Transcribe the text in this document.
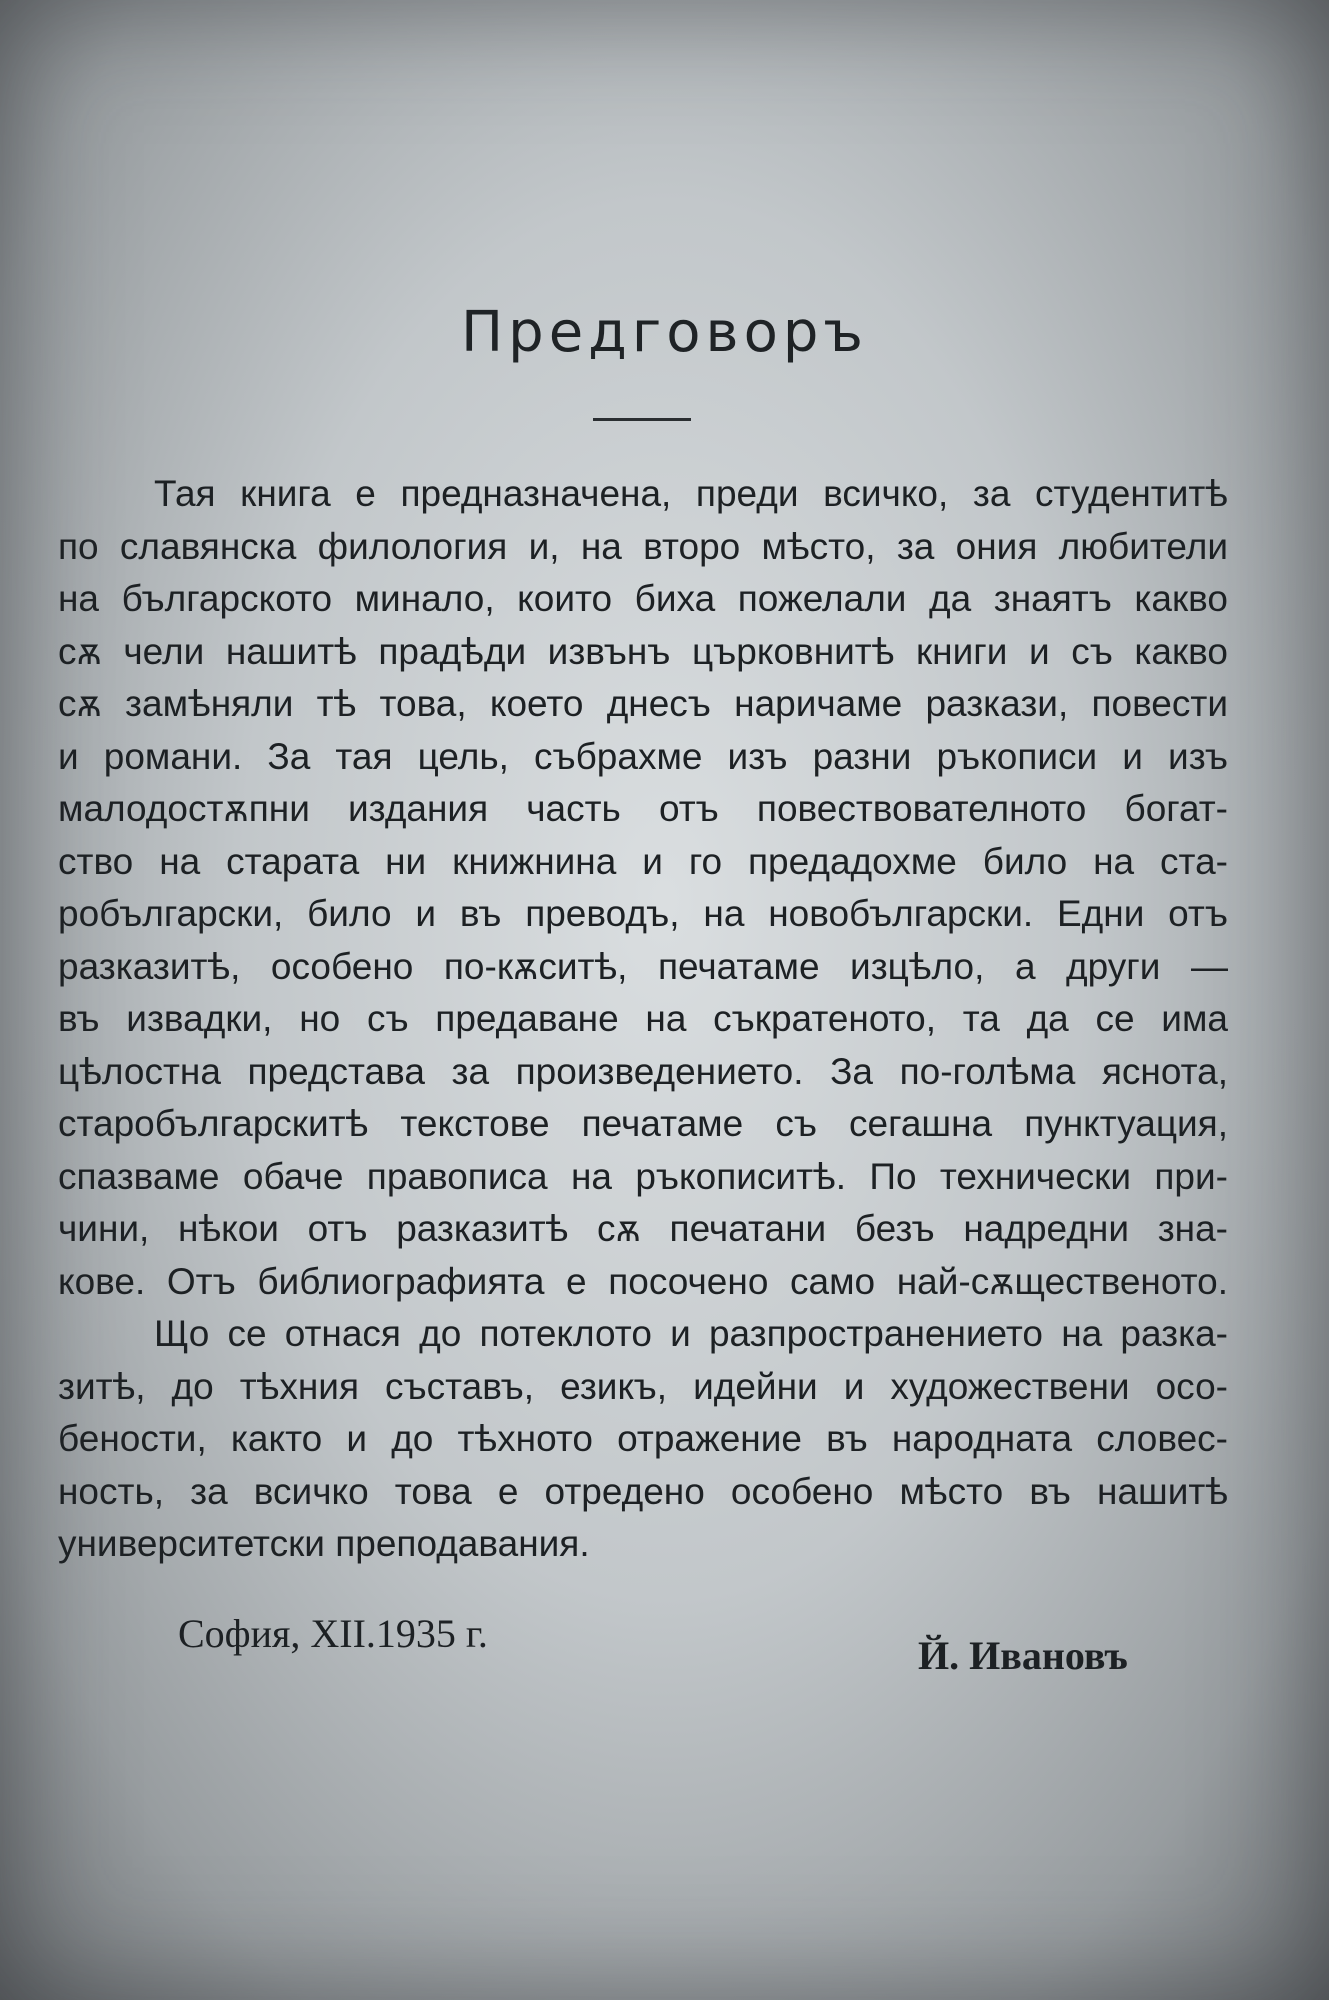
Предговоръ
Тая книга е предназначена, преди всичко, за студентитѣ
по славянска филология и, на второ мѣсто, за ония любители
на българското минало, които биха пожелали да знаятъ какво
сѫ чели нашитѣ прадѣди извънъ църковнитѣ книги и съ какво
сѫ замѣняли тѣ това, което днесъ наричаме разкази, повести
и романи. За тая цель, събрахме изъ разни ръкописи и изъ
малодостѫпни издания часть отъ повествователното богат-
ство на старата ни книжнина и го предадохме било на ста-
робългарски, било и въ преводъ, на новобългарски. Едни отъ
разказитѣ, особено по-кѫситѣ, печатаме изцѣло, а други —
въ извадки, но съ предаване на съкратеното, та да се има
цѣлостна представа за произведението. За по-голѣма яснота,
старобългарскитѣ текстове печатаме съ сегашна пунктуация,
спазваме обаче правописа на ръкописитѣ. По технически при-
чини, нѣкои отъ разказитѣ сѫ печатани безъ надредни зна-
кове. Отъ библиографията е посочено само най-сѫщественото.
Що се отнася до потеклото и разпространението на разка-
зитѣ, до тѣхния съставъ, езикъ, идейни и художествени осо-
бености, както и до тѣхното отражение въ народната словес-
ность, за всичко това е отредено особено мѣсто въ нашитѣ
университетски преподавания.
София, XII.1935 г.	Й. Ивановъ
